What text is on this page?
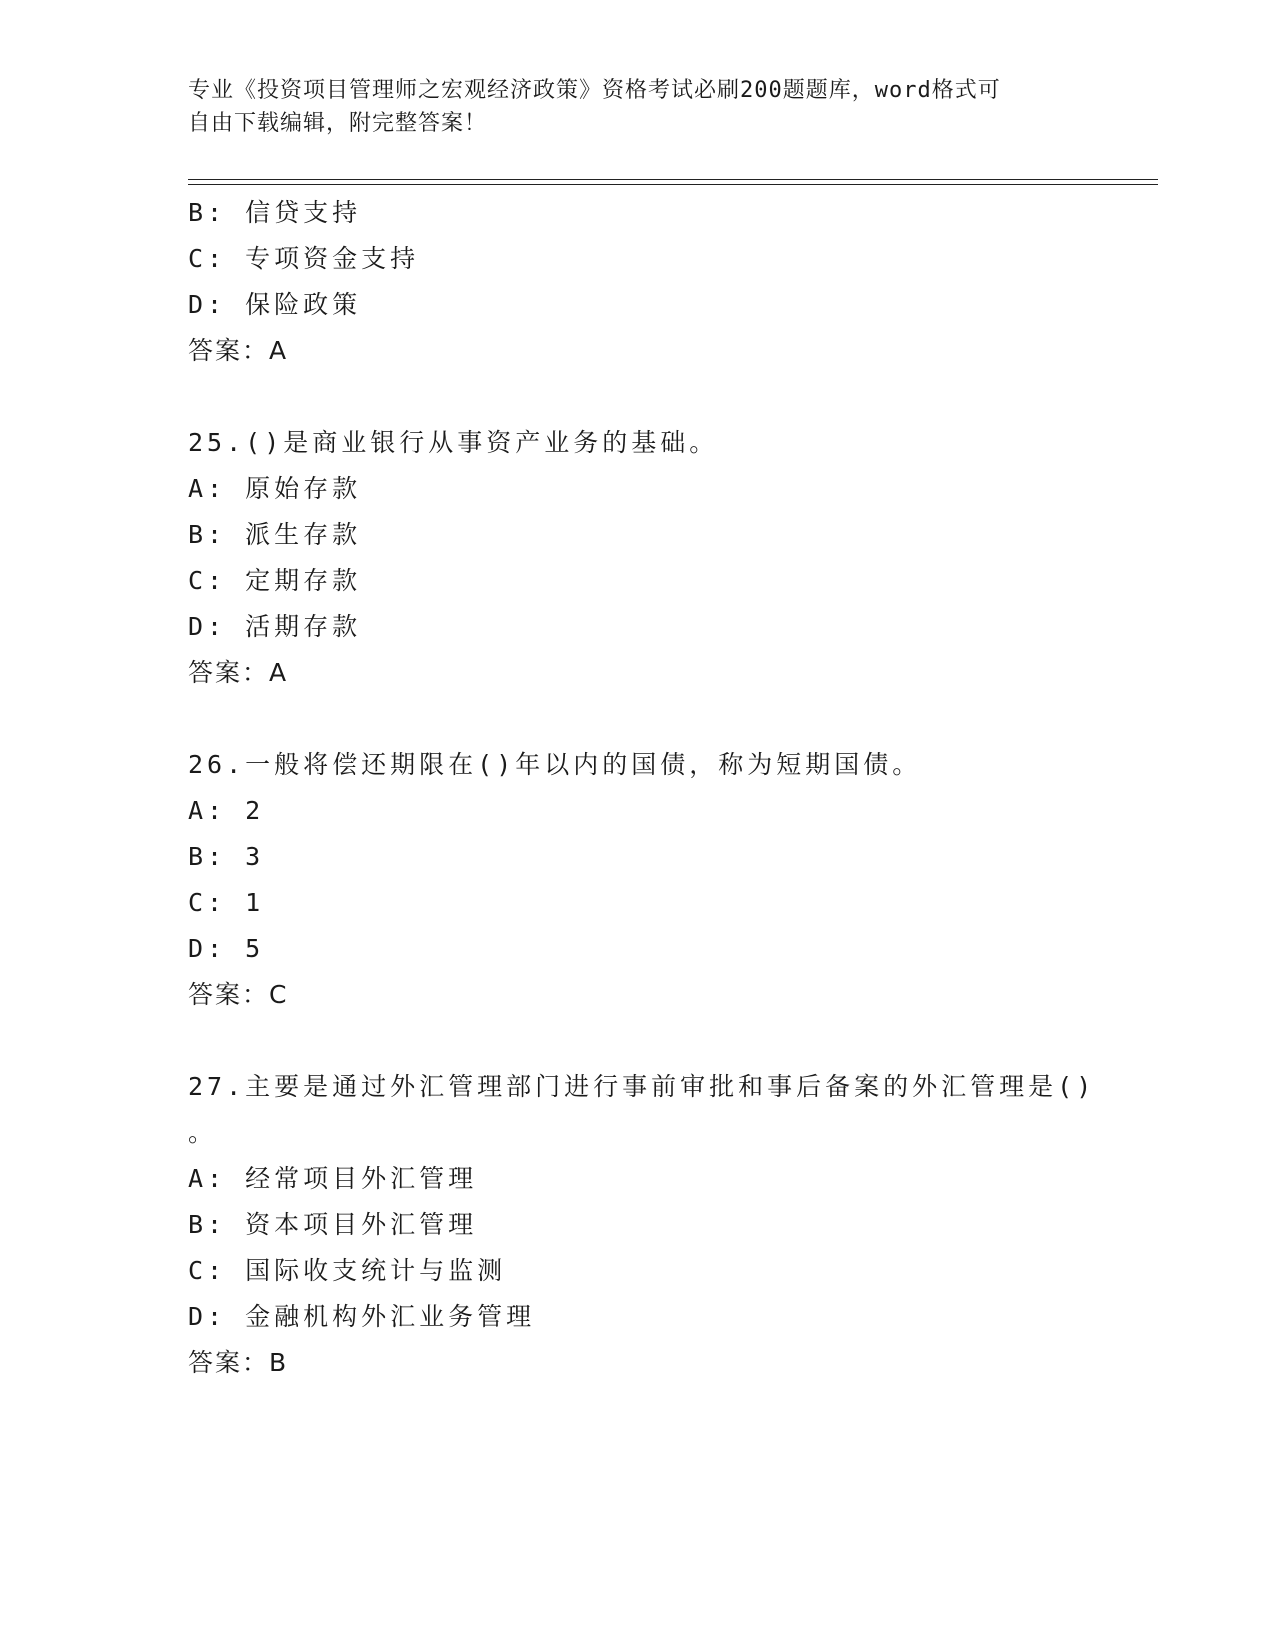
专业《投资项目管理师之宏观经济政策》资格考试必刷200题题库，word格式可
自由下载编辑，附完整答案！
B: 信贷支持
C: 专项资金支持
D: 保险政策
答案：A
25.()是商业银行从事资产业务的基础。
A: 原始存款
B: 派生存款
C: 定期存款
D: 活期存款
答案：A
26.一般将偿还期限在()年以内的国债，称为短期国债。
A: 2
B: 3
C: 1
D: 5
答案：C
27.主要是通过外汇管理部门进行事前审批和事后备案的外汇管理是()
。
A: 经常项目外汇管理
B: 资本项目外汇管理
C: 国际收支统计与监测
D: 金融机构外汇业务管理
答案：B
